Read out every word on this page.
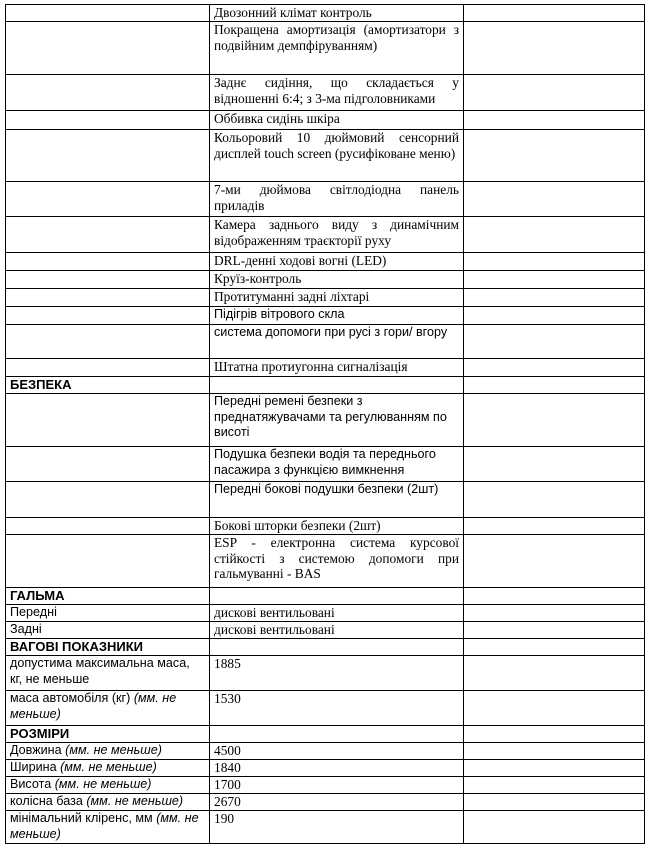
	Двозонний клімат контроль	
	Покращена амортизація (амортизатори з подвійним демпфіруванням)	
	Заднє сидіння, що складається у відношенні 6:4; з 3-ма підголовниками	
	Оббивка сидінь шкіра	
	Кольоровий 10 дюймовий сенсорний дисплей touch screen (русифіковане меню)	
	7-ми дюймова світлодіодна панель приладів	
	Камера заднього виду з динамічним відображенням траєкторії руху	
	DRL-денні ходові вогні (LED)	
	Круїз-контроль	
	Протитуманні задні ліхтарі	
	Підігрів вітрового скла	
	система допомоги при русі з гори/ вгору	
	Штатна протиугонна сигналізація	
БЕЗПЕКА		
	Передні ремені безпеки з преднатяжувачами та регулюванням по висоті	
	Подушка безпеки водія та переднього пасажира з функцією вимкнення	
	Передні бокові подушки безпеки (2шт)	
	Бокові шторки безпеки (2шт)	
	ESP - електронна система курсової стійкості з системою допомоги при гальмуванні - BAS	
ГАЛЬМА		
Передні	дискові вентильовані	
Задні	дискові вентильовані	
ВАГОВІ ПОКАЗНИКИ		
допустима максимальна маса, кг, не меньше	1885	
маса автомобіля (кг) (мм. не меньше)	1530	
РОЗМІРИ		
Довжина (мм. не меньше)	4500	
Ширина (мм. не меньше)	1840	
Висота (мм. не меньше)	1700	
колісна база (мм. не меньше)	2670	
мінімальний кліренс, мм (мм. не меньше)	190	
